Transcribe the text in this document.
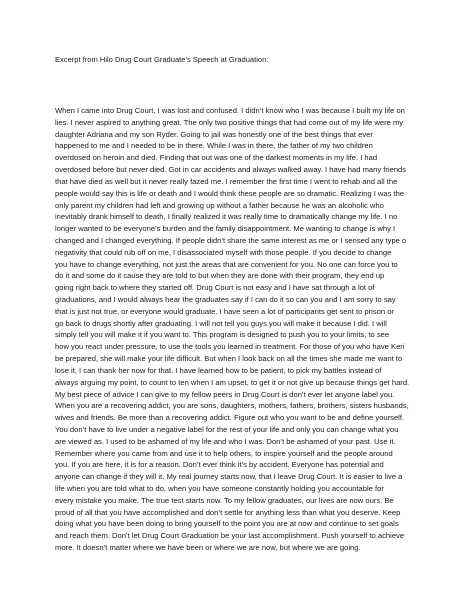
Excerpt from Hilo Drug Court Graduate’s Speech at Graduation:
When I came into Drug Court, I was lost and confused. I didn’t know who I was because I built my life on
lies. I never aspired to anything great. The only two positive things that had come out of my life were my
daughter Adriana and my son Ryder. Going to jail was honestly one of the best things that ever
happened to me and I needed to be in there. While I was in there, the father of my two children
overdosed on heroin and died. Finding that out was one of the darkest moments in my life. I had
overdosed before but never died. Got in car accidents and always walked away. I have had many friends
that have died as well but it never really fazed me. I remember the first time I went to rehab and all the
people would say this is life or death and I would think these people are so dramatic. Realizing I was the
only parent my children had left and growing up without a father because he was an alcoholic who
inevitably drank himself to death, I finally realized it was really time to dramatically change my life. I no
longer wanted to be everyone’s burden and the family disappointment. Me wanting to change is why I
changed and I changed everything. If people didn’t share the same interest as me or I sensed any type o
negativity that could rub off on me, I disassociated myself with those people. If you decide to change
you have to change everything, not just the areas that are convenient for you. No one can force you to
do it and some do it cause they are told to but when they are done with their program, they end up
going right back to where they started off. Drug Court is not easy and I have sat through a lot of
graduations, and I would always hear the graduates say if I can do it so can you and I am sorry to say
that is just not true, or everyone would graduate. I have seen a lot of participants get sent to prison or
go back to drugs shortly after graduating. I will not tell you guys you will make it because I did. I will
simply tell you will make it if you want to. This program is designed to push you to your limits, to see
how you react under pressure, to use the tools you learned in treatment. For those of you who have Keri
be prepared, she will make your life difficult. But when I look back on all the times she made me want to
lose it, I can thank her now for that. I have learned how to be patient, to pick my battles instead of
always arguing my point, to count to ten when I am upset, to get it or not give up because things get hard.
My best piece of advice I can give to my fellow peers in Drug Court is don’t ever let anyone label you.
When you are a recovering addict, you are sons, daughters, mothers, fathers, brothers, sisters husbands,
wives and friends. Be more than a recovering addict. Figure out who you want to be and define yourself.
You don’t have to live under a negative label for the rest of your life and only you can change what you
are viewed as. I used to be ashamed of my life and who I was. Don’t be ashamed of your past. Use it.
Remember where you came from and use it to help others, to inspire yourself and the people around
you. If you are here, it is for a reason. Don’t ever think it’s by accident. Everyone has potential and
anyone can change if they will it. My real journey starts now, that I leave Drug Court. It is easier to live a
life when you are told what to do, when you have someone constantly holding you accountable for
every mistake you make. The true test starts now. To my fellow graduates, our lives are now ours. Be
proud of all that you have accomplished and don’t settle for anything less than what you deserve. Keep
doing what you have been doing to bring yourself to the point you are at now and continue to set goals
and reach them. Don’t let Drug Court Graduation be your last accomplishment. Push yourself to achieve
more. It doesn’t matter where we have been or where we are now, but where we are going.
